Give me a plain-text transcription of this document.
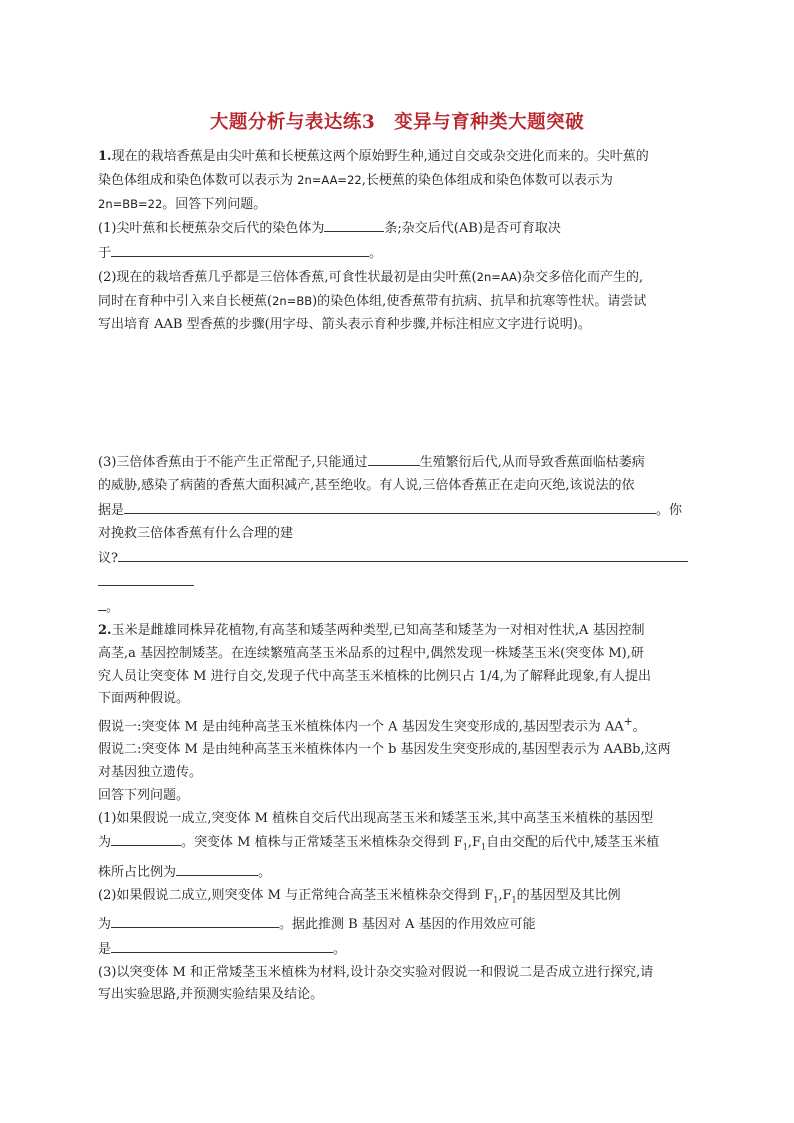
大题分析与表达练3　变异与育种类大题突破
1.现在的栽培香蕉是由尖叶蕉和长梗蕉这两个原始野生种,通过自交或杂交进化而来的。尖叶蕉的
染色体组成和染色体数可以表示为 2n=AA=22,长梗蕉的染色体组成和染色体数可以表示为
2n=BB=22。回答下列问题。
(1)尖叶蕉和长梗蕉杂交后代的染色体为	条;杂交后代(AB)是否可育取决
于	。
(2)现在的栽培香蕉几乎都是三倍体香蕉,可食性状最初是由尖叶蕉(2n=AA)杂交多倍化而产生的,
同时在育种中引入来自长梗蕉(2n=BB)的染色体组,使香蕉带有抗病、抗旱和抗寒等性状。请尝试
写出培育 AAB 型香蕉的步骤(用字母、箭头表示育种步骤,并标注相应文字进行说明)。
(3)三倍体香蕉由于不能产生正常配子,只能通过	生殖繁衍后代,从而导致香蕉面临枯萎病
的威胁,感染了病菌的香蕉大面积减产,甚至绝收。有人说,三倍体香蕉正在走向灭绝,该说法的依
据是	。你
对挽救三倍体香蕉有什么合理的建
议?
。
2.玉米是雌雄同株异花植物,有高茎和矮茎两种类型,已知高茎和矮茎为一对相对性状,A 基因控制
高茎,a 基因控制矮茎。在连续繁殖高茎玉米品系的过程中,偶然发现一株矮茎玉米(突变体 M),研
究人员让突变体 M 进行自交,发现子代中高茎玉米植株的比例只占 1/4,为了解释此现象,有人提出
下面两种假说。
假说一:突变体 M 是由纯种高茎玉米植株体内一个 A 基因发生突变形成的,基因型表示为 AA+。
假说二:突变体 M 是由纯种高茎玉米植株体内一个 b 基因发生突变形成的,基因型表示为 AABb,这两
对基因独立遗传。
回答下列问题。
(1)如果假说一成立,突变体 M 植株自交后代出现高茎玉米和矮茎玉米,其中高茎玉米植株的基因型
为	。突变体 M 植株与正常矮茎玉米植株杂交得到 $F_1,F_1$自由交配的后代中,矮茎玉米植
株所占比例为	。
(2)如果假说二成立,则突变体 M 与正常纯合高茎玉米植株杂交得到 $F_1,F_1$的基因型及其比例
为	。据此推测 B 基因对 A 基因的作用效应可能
是	。
(3)以突变体 M 和正常矮茎玉米植株为材料,设计杂交实验对假说一和假说二是否成立进行探究,请
写出实验思路,并预测实验结果及结论。
